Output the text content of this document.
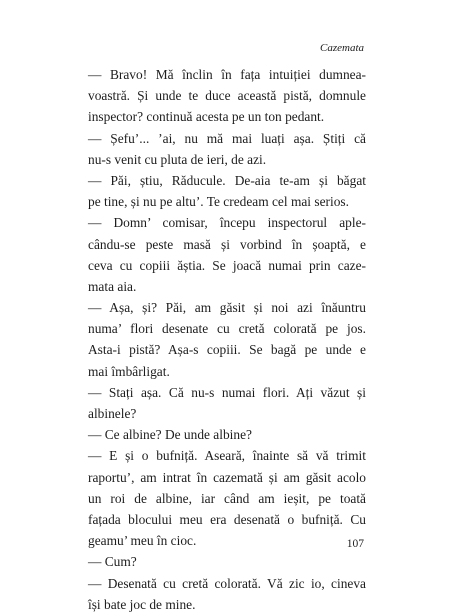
Cazemata
— Bravo! Mă înclin în fața intuiției dumnea-
voastră. Și unde te duce această pistă, domnule
inspector? continuă acesta pe un ton pedant.
— Șefu’... ’ai, nu mă mai luați așa. Știți că
nu-s venit cu pluta de ieri, de azi.
— Păi, știu, Răducule. De-aia te-am și băgat
pe tine, și nu pe altu’. Te credeam cel mai serios.
— Domn’ comisar, începu inspectorul aple-
cându-se peste masă și vorbind în șoaptă, e
ceva cu copiii ăștia. Se joacă numai prin caze-
mata aia.
— Așa, și? Păi, am găsit și noi azi înăuntru
numa’ flori desenate cu cretă colorată pe jos.
Asta-i pistă? Așa-s copiii. Se bagă pe unde e
mai îmbârligat.
— Stați așa. Că nu-s numai flori. Ați văzut și
albinele?
— Ce albine? De unde albine?
— E și o bufniță. Aseară, înainte să vă trimit
raportu’, am intrat în cazemată și am găsit acolo
un roi de albine, iar când am ieșit, pe toată
fațada blocului meu era desenată o bufniță. Cu
geamu’ meu în cioc.
— Cum?
— Desenată cu cretă colorată. Vă zic io, cineva
își bate joc de mine.
107
